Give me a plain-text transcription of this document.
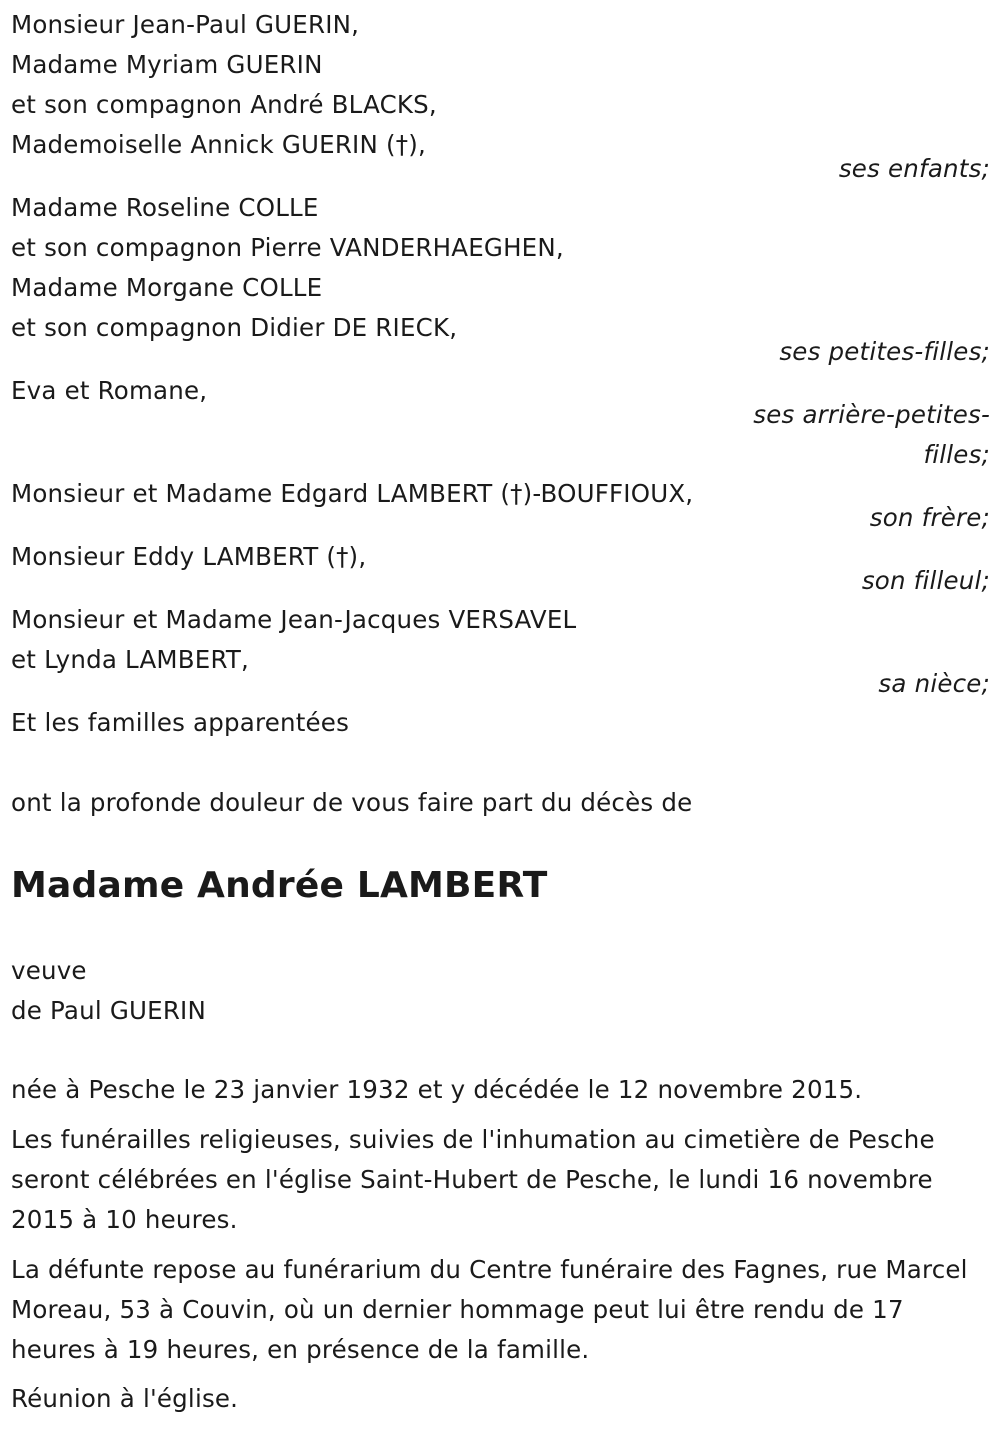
Monsieur Jean-Paul GUERIN,
Madame Myriam GUERIN
et son compagnon André BLACKS,
Mademoiselle Annick GUERIN (†),
ses enfants;
Madame Roseline COLLE
et son compagnon Pierre VANDERHAEGHEN,
Madame Morgane COLLE
et son compagnon Didier DE RIECK,
ses petites-filles;
Eva et Romane,
ses arrière-petites-
filles;
Monsieur et Madame Edgard LAMBERT (†)-BOUFFIOUX,
son frère;
Monsieur Eddy LAMBERT (†),
son filleul;
Monsieur et Madame Jean-Jacques VERSAVEL
et Lynda LAMBERT,
sa nièce;
Et les familles apparentées
ont la profonde douleur de vous faire part du décès de
Madame Andrée LAMBERT
veuve
de Paul GUERIN
née à Pesche le 23 janvier 1932 et y décédée le 12 novembre 2015.
Les funérailles religieuses, suivies de l'inhumation au cimetière de Pesche seront célébrées en l'église Saint-Hubert de Pesche, le lundi 16 novembre 2015 à 10 heures.
La défunte repose au funérarium du Centre funéraire des Fagnes, rue Marcel Moreau, 53 à Couvin, où un dernier hommage peut lui être rendu de 17 heures à 19 heures, en présence de la famille.
Réunion à l'église.
